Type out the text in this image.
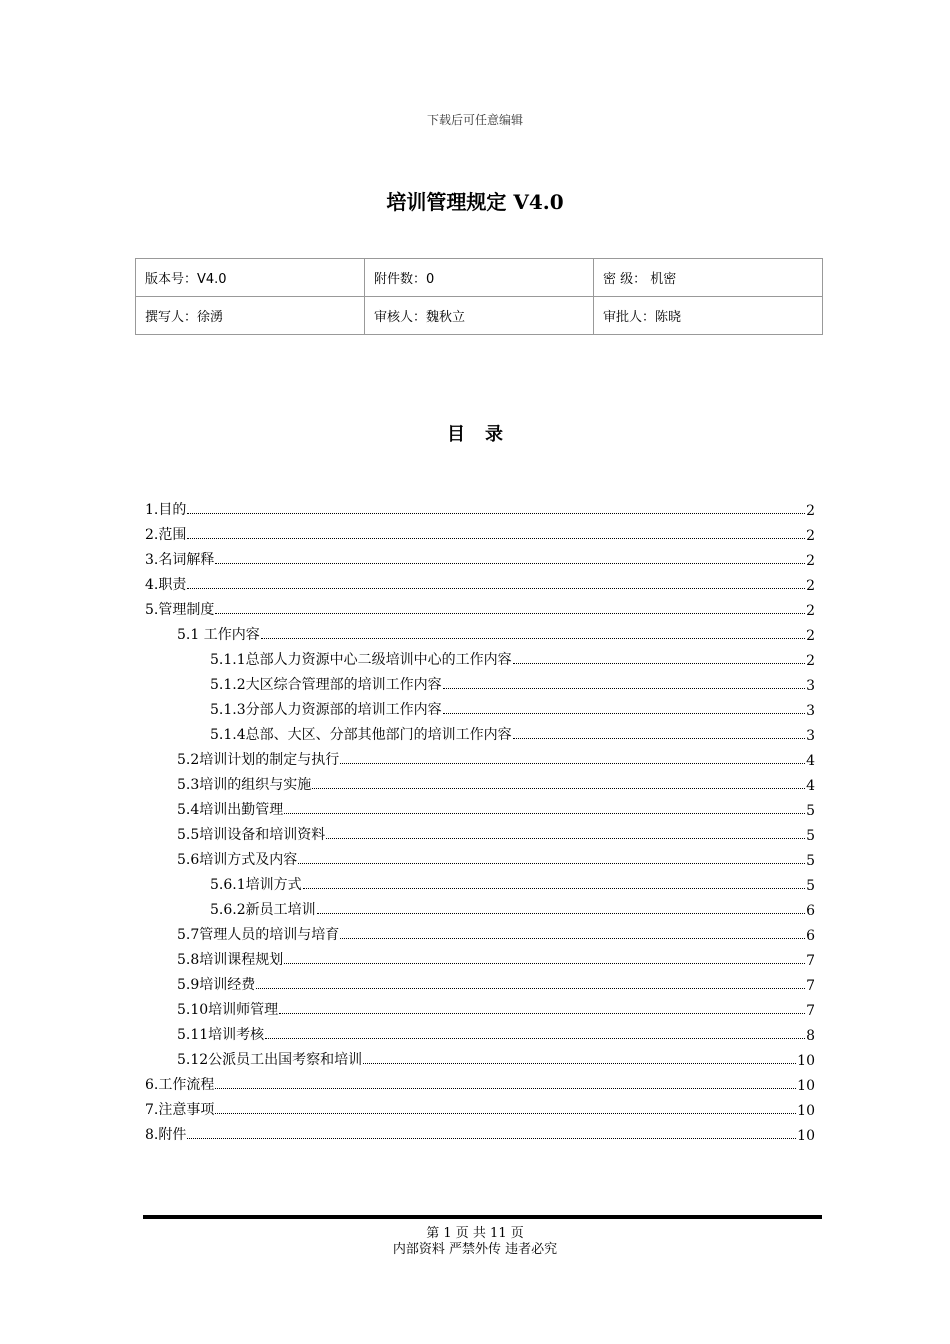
下载后可任意编辑
培训管理规定 V4.0
版本号：V4.0	附件数：0	密 级： 机密
撰写人：徐湧	审核人：魏秋立	审批人：陈晓
目录
1.目的	2
2.范围	2
3.名词解释	2
4.职责	2
5.管理制度	2
5.1 工作内容	2
5.1.1总部人力资源中心二级培训中心的工作内容	2
5.1.2大区综合管理部的培训工作内容	3
5.1.3分部人力资源部的培训工作内容	3
5.1.4总部、大区、分部其他部门的培训工作内容	3
5.2培训计划的制定与执行	4
5.3培训的组织与实施	4
5.4培训出勤管理	5
5.5培训设备和培训资料	5
5.6培训方式及内容	5
5.6.1培训方式	5
5.6.2新员工培训	6
5.7管理人员的培训与培育	6
5.8培训课程规划	7
5.9培训经费	7
5.10培训师管理	7
5.11培训考核	8
5.12公派员工出国考察和培训	10
6.工作流程	10
7.注意事项	10
8.附件	10
第 1 页 共 11 页
内部资料 严禁外传 违者必究
